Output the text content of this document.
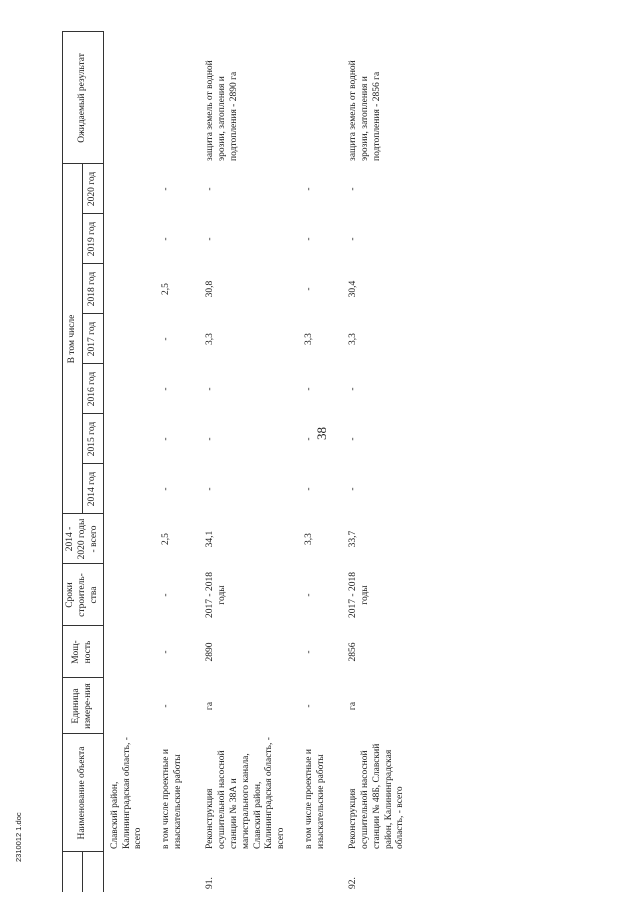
38
2310012 1.doc
		Наименование объекта	Единица измере-ния	Мощ-ность	Сроки строитель-ства	2014 - 2020 годы - всего	В том числе							Ожидаемый результат
						2014 год	2015 год	2016 год	2017 год	2018 год	2019 год	2020 год	
	Славский район, Калининградская область, - всего												
	в том числе проектные и изыскательские работы	-	-	-	2,5	-	-	-	-	2,5	-	-	
91.	Реконструкция осушительной насосной станции № 38А и магистрального канала, Славский район, Калининградская область, - всего	га	2890	2017 - 2018 годы	34,1	-	-	-	3,3	30,8	-	-	защита земель от водной эрозии, затопления и подтопления - 2890 га
	в том числе проектные и изыскательские работы	-	-	-	3,3	-	-	-	3,3	-	-	-	
92.	Реконструкция осушительной насосной станции № 48Б, Славский район, Калининградская область, - всего	га	2856	2017 - 2018 годы	33,7	-	-	-	3,3	30,4	-	-	защита земель от водной эрозии, затопления и подтопления - 2856 га
